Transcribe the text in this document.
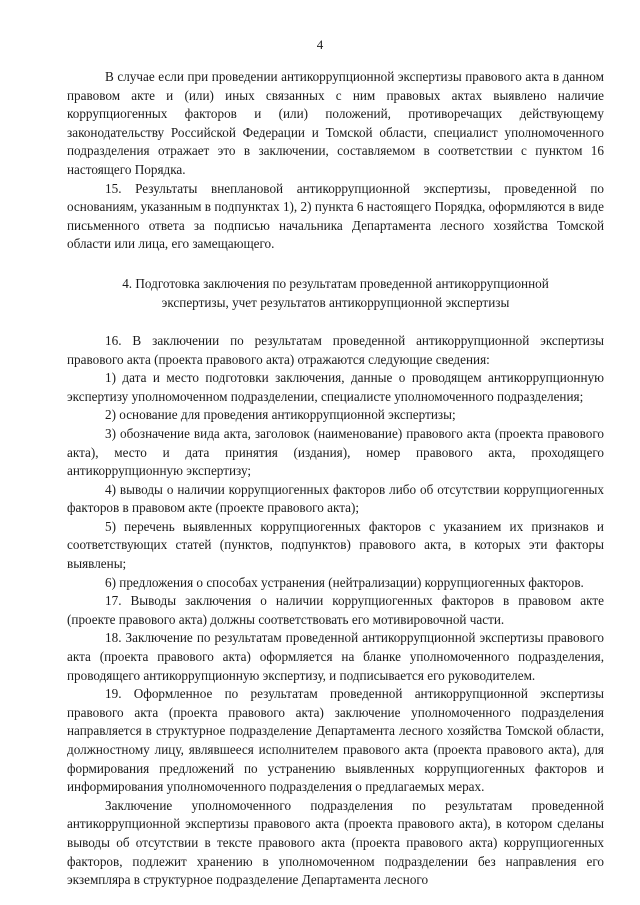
4

В случае если при проведении антикоррупционной экспертизы правового акта в данном правовом акте и (или) иных связанных с ним правовых актах выявлено наличие коррупциогенных факторов и (или) положений, противоречащих действующему законодательству Российской Федерации и Томской области, специалист уполномоченного подразделения отражает это в заключении, составляемом в соответствии с пунктом 16 настоящего Порядка.

15. Результаты внеплановой антикоррупционной экспертизы, проведенной по основаниям, указанным в подпунктах 1), 2) пункта 6 настоящего Порядка, оформляются в виде письменного ответа за подписью начальника Департамента лесного хозяйства Томской области или лица, его замещающего.

4. Подготовка заключения по результатам проведенной антикоррупционной экспертизы, учет результатов антикоррупционной экспертизы

16. В заключении по результатам проведенной антикоррупционной экспертизы правового акта (проекта правового акта) отражаются следующие сведения:

1) дата и место подготовки заключения, данные о проводящем антикоррупционную экспертизу уполномоченном подразделении, специалисте уполномоченного подразделения;

2) основание для проведения антикоррупционной экспертизы;

3) обозначение вида акта, заголовок (наименование) правового акта (проекта правового акта), место и дата принятия (издания), номер правового акта, проходящего антикоррупционную экспертизу;

4) выводы о наличии коррупциогенных факторов либо об отсутствии коррупциогенных факторов в правовом акте (проекте правового акта);

5) перечень выявленных коррупциогенных факторов с указанием их признаков и соответствующих статей (пунктов, подпунктов) правового акта, в которых эти факторы выявлены;

6) предложения о способах устранения (нейтрализации) коррупциогенных факторов.

17. Выводы заключения о наличии коррупциогенных факторов в правовом акте (проекте правового акта) должны соответствовать его мотивировочной части.

18. Заключение по результатам проведенной антикоррупционной экспертизы правового акта (проекта правового акта) оформляется на бланке уполномоченного подразделения, проводящего антикоррупционную экспертизу, и подписывается его руководителем.

19. Оформленное по результатам проведенной антикоррупционной экспертизы правового акта (проекта правового акта) заключение уполномоченного подразделения направляется в структурное подразделение Департамента лесного хозяйства Томской области, должностному лицу, являвшееся исполнителем правового акта (проекта правового акта), для формирования предложений по устранению выявленных коррупциогенных факторов и информирования уполномоченного подразделения о предлагаемых мерах.

Заключение уполномоченного подразделения по результатам проведенной антикоррупционной экспертизы правового акта (проекта правового акта), в котором сделаны выводы об отсутствии в тексте правового акта (проекта правового акта) коррупциогенных факторов, подлежит хранению в уполномоченном подразделении без направления его экземпляра в структурное подразделение Департамента лесного
